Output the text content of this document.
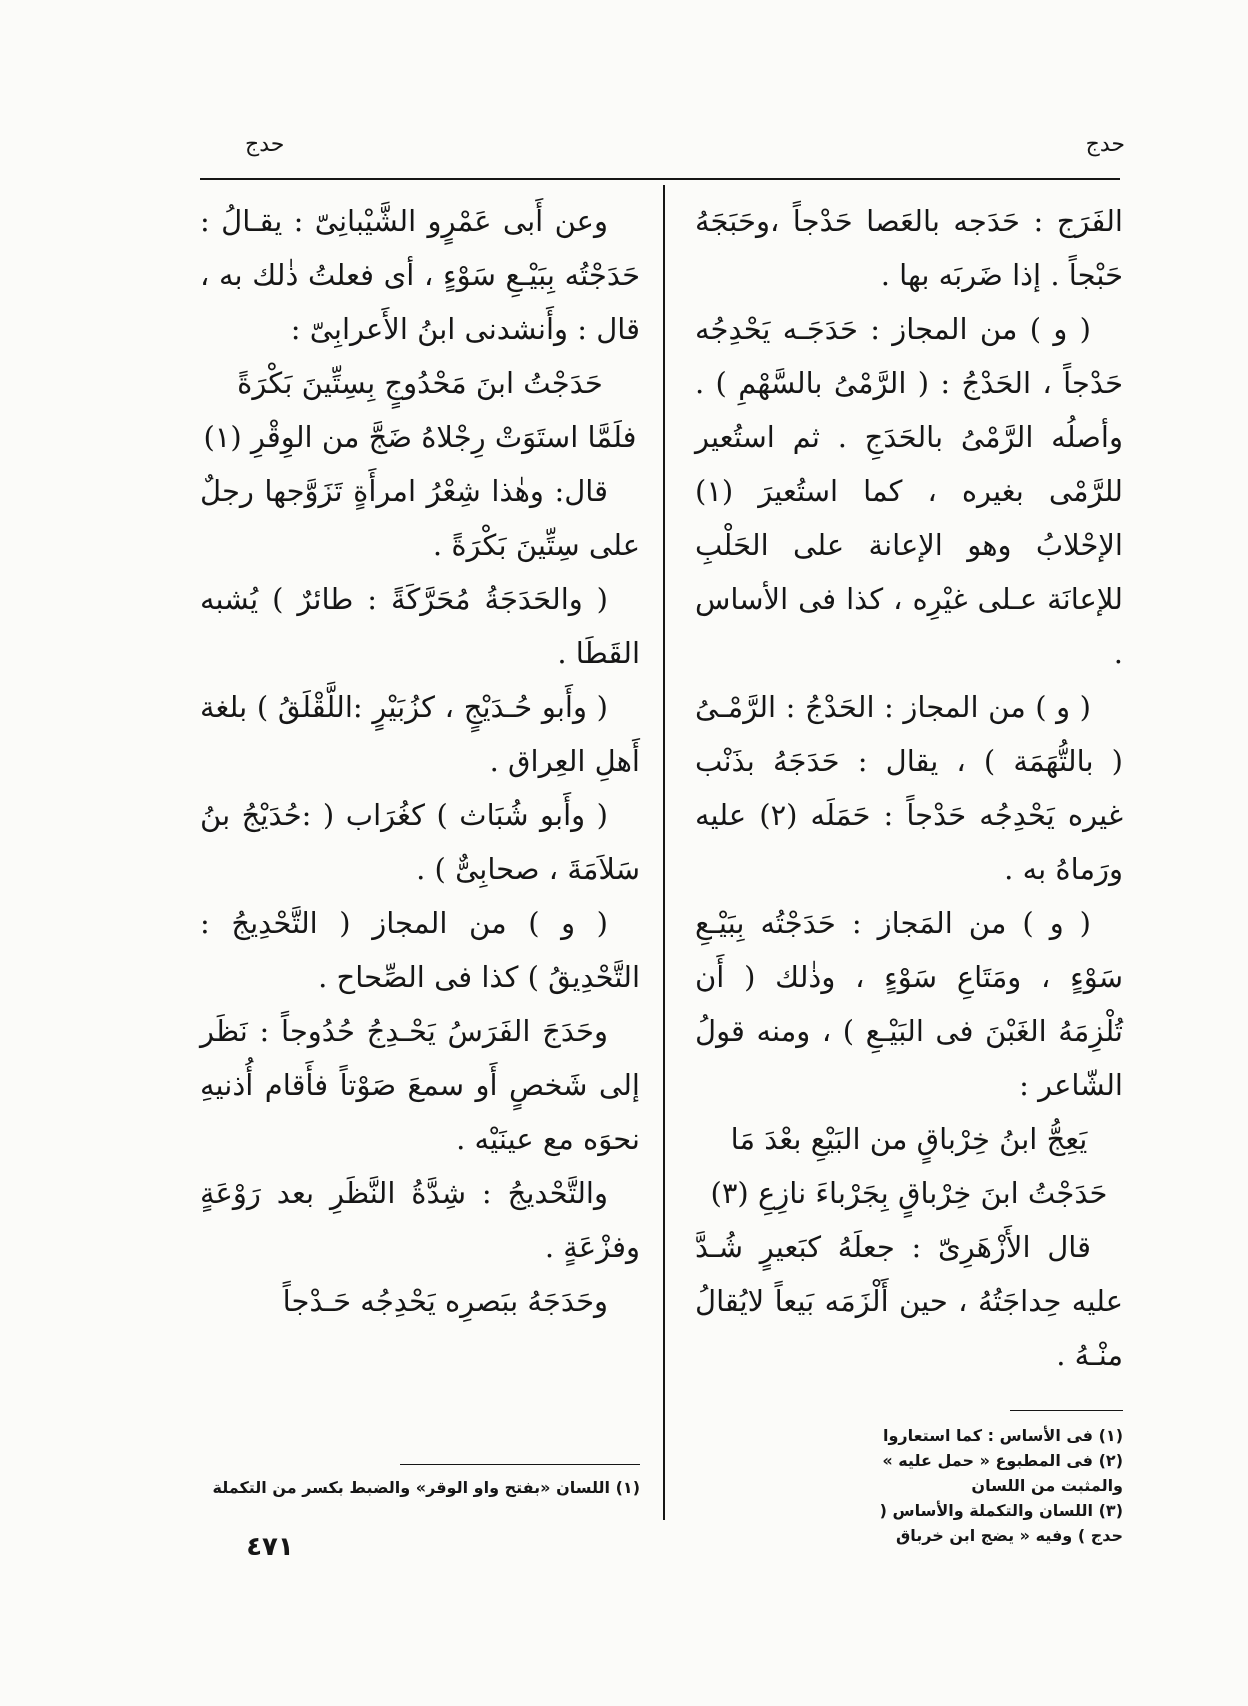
حدج
حدج

الفَرَج : حَدَجه بالعَصا حَدْجاً ،وحَبَجَهُ حَبْجاً . إذا ضَربَه بها .

( و ) من المجاز : حَدَجَـه يَحْدِجُه حَدْجاً ، الحَدْجُ : ( الرَّمْىُ بالسَّهْمِ ) . وأصلُه الرَّمْىُ بالحَدَجِ . ثم استُعير للرَّمْى بغيره ، كما استُعيرَ (١) الإحْلابُ وهو الإعانة على الحَلْبِ للإعانَة عـلى غيْرِه ، كذا فى الأساس .

( و ) من المجاز : الحَدْجُ : الرَّمْـىُ ( بالتُّهَمَة ) ، يقال : حَدَجَهُ بذَنْب غيره يَحْدِجُه حَدْجاً : حَمَلَه (٢) عليه ورَماهُ به .

( و ) من المَجاز : حَدَجْتُه بِبَيْـعِ سَوْءٍ ، ومَتَاعِ سَوْءٍ ، وذٰلك ( أَن تُلْزِمَهُ الغَبْنَ فى البَيْـعِ ) ، ومنه قولُ الشّاعر :

يَعِجُّ ابنُ خِرْباقٍ من البَيْعِ بعْدَ مَا

حَدَجْتُ ابنَ خِرْباقٍ بِجَرْباءَ نازِعِ (٣)

قال الأَزْهَرِىّ : جعلَهُ كبَعيرٍ شُـدَّ عليه حِداجَتُهُ ، حين أَلْزَمَه بَيعاً لايُقالُ منْـهُ .

وعن أَبى عَمْرٍو الشَّيْبانِىّ : يقـالُ : حَدَجْتُه بِبَيْـعِ سَوْءٍ ، أى فعلتُ ذٰلك به ، قال : وأَنشدنى ابنُ الأَعرابِىّ :

حَدَجْتُ ابنَ مَحْدُوجٍ بِسِتِّينَ بَكْرَةً

فلَمَّا استَوَتْ رِجْلاهُ ضَجَّ من الوِقْرِ (١)

قال: وهٰذا شِعْرُ امرأَةٍ تَزَوَّجها رجلٌ على سِتِّينَ بَكْرَةً .

( والحَدَجَةُ مُحَرَّكَةً : طائرٌ ) يُشبه القَطَا .

( وأَبو حُـدَيْجٍ ، كزُبَيْرٍ :اللَّقْلَقُ ) بلغة أَهلِ العِراق .

( وأَبو شُبَاث ) كغُرَاب ( :حُدَيْجُ بنُ سَلاَمَةَ ، صحابِىٌّ ) .

( و ) من المجاز ( التَّحْدِيجُ : التَّحْدِيقُ ) كذا فى الصِّحاح .

وحَدَجَ الفَرَسُ يَحْـدِجُ حُدُوجاً : نَظَر إلى شَخصٍ أَو سمعَ صَوْتاً فأَقام أُذنيهِ نحوَه مع عينَيْه .

والتَّحْديجُ : شِدَّةُ النَّظَرِ بعد رَوْعَةٍ وفزْعَةٍ .

وحَدَجَهُ ببَصرِه يَحْدِجُه حَـدْجاً

(١) فى الأساس : كما استعاروا
(٢) فى المطبوع « حمل عليه » والمثبت من اللسان
(٣) اللسان والتكملة والأساس ( حدج ) وفيه « يضج ابن خرباق
(١) اللسان «بفتح واو الوقر» والضبط بكسر من التكملة
٤٧١
